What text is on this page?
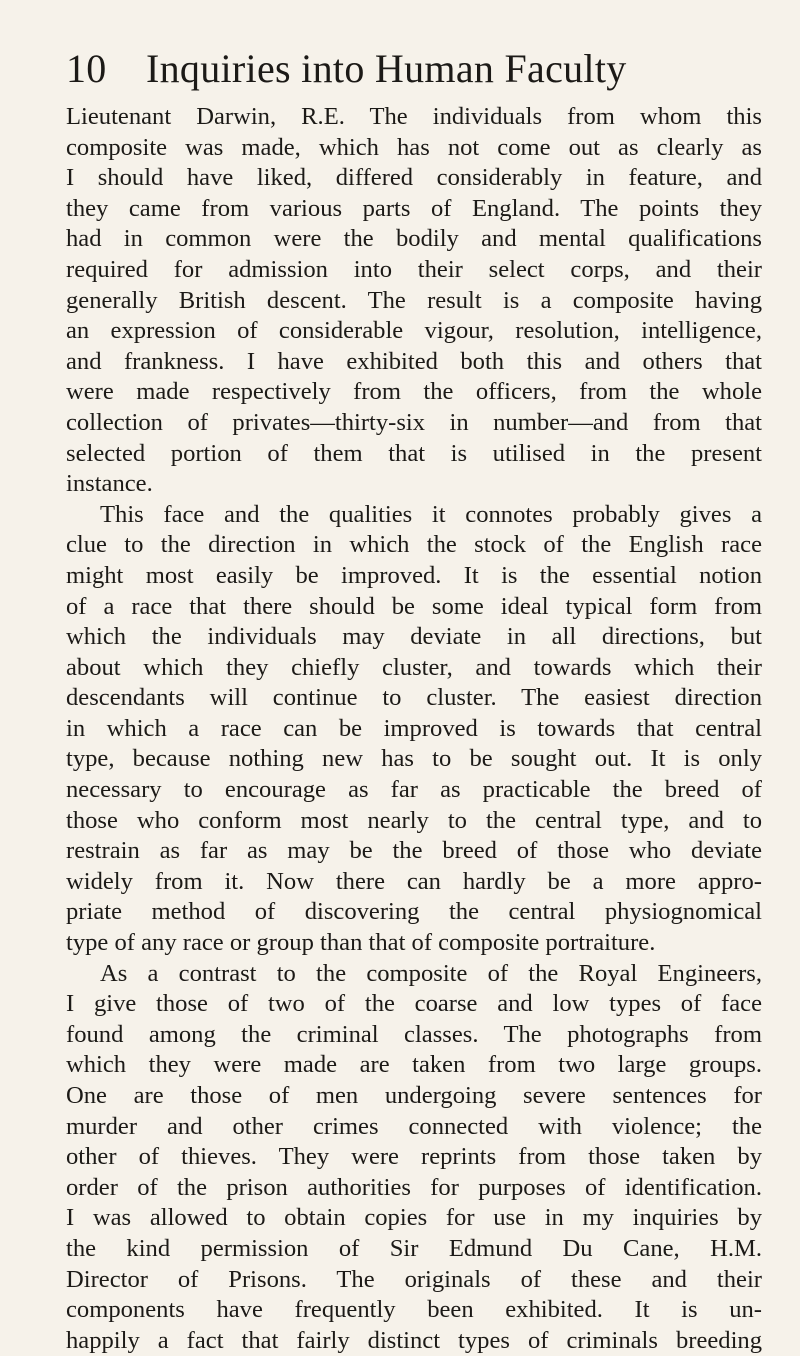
10 Inquiries into Human Faculty
Lieutenant Darwin, R.E. The individuals from whom this
composite was made, which has not come out as clearly as
I should have liked, differed considerably in feature, and
they came from various parts of England. The points they
had in common were the bodily and mental qualifications
required for admission into their select corps, and their
generally British descent. The result is a composite having
an expression of considerable vigour, resolution, intelligence,
and frankness. I have exhibited both this and others that
were made respectively from the officers, from the whole
collection of privates—thirty-six in number—and from that
selected portion of them that is utilised in the present
instance.
This face and the qualities it connotes probably gives a
clue to the direction in which the stock of the English race
might most easily be improved. It is the essential notion
of a race that there should be some ideal typical form from
which the individuals may deviate in all directions, but
about which they chiefly cluster, and towards which their
descendants will continue to cluster. The easiest direction
in which a race can be improved is towards that central
type, because nothing new has to be sought out. It is only
necessary to encourage as far as practicable the breed of
those who conform most nearly to the central type, and to
restrain as far as may be the breed of those who deviate
widely from it. Now there can hardly be a more appro-
priate method of discovering the central physiognomical
type of any race or group than that of composite portraiture.
As a contrast to the composite of the Royal Engineers,
I give those of two of the coarse and low types of face
found among the criminal classes. The photographs from
which they were made are taken from two large groups.
One are those of men undergoing severe sentences for
murder and other crimes connected with violence; the
other of thieves. They were reprints from those taken by
order of the prison authorities for purposes of identification.
I was allowed to obtain copies for use in my inquiries by
the kind permission of Sir Edmund Du Cane, H.M.
Director of Prisons. The originals of these and their
components have frequently been exhibited. It is un-
happily a fact that fairly distinct types of criminals breeding
